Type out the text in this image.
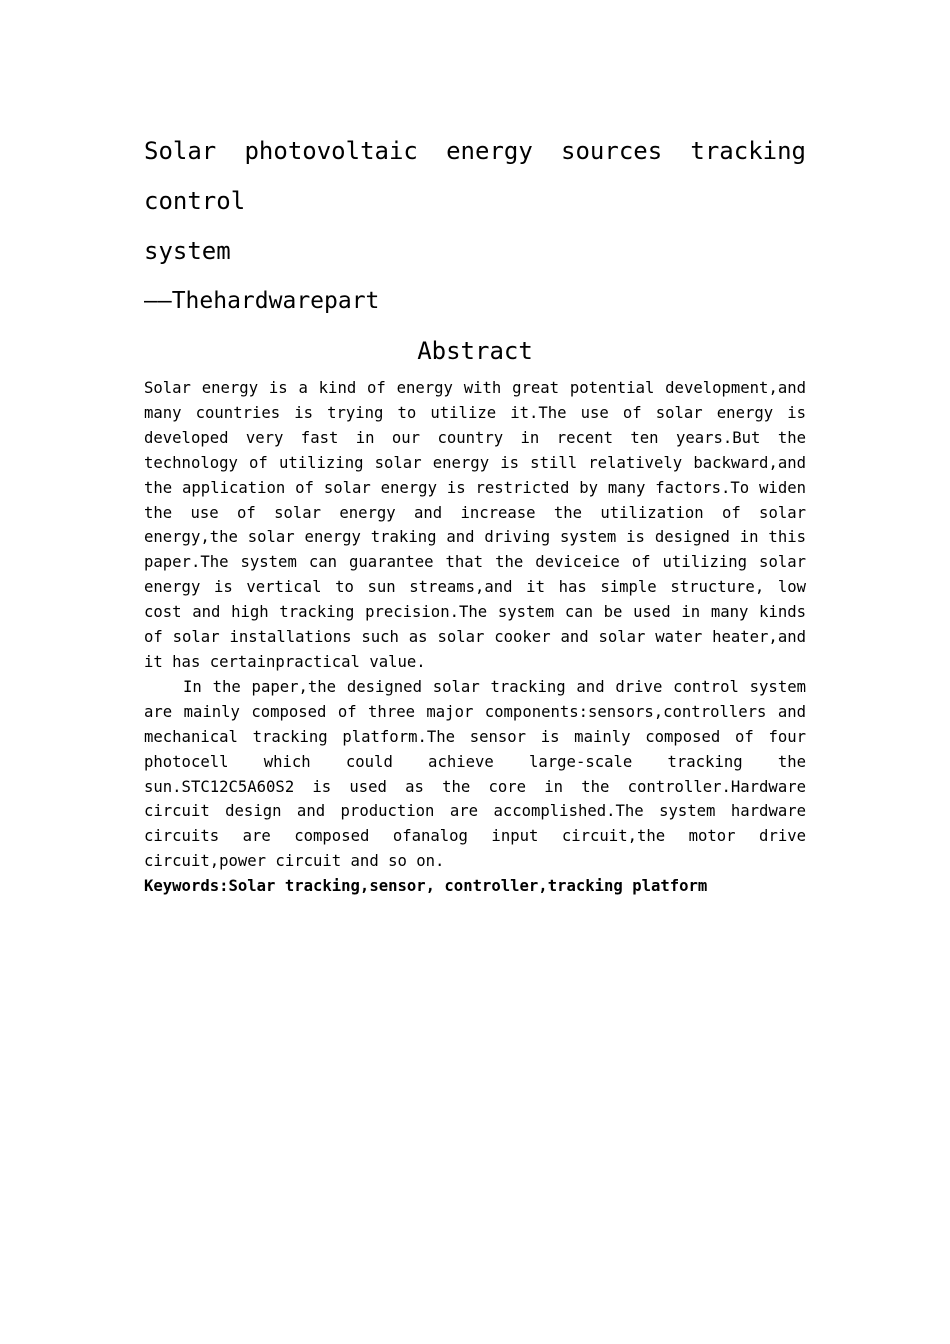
Solar photovoltaic energy sources tracking control

system

——Thehardwarepart

Abstract

Solar energy is a kind of energy with great potential development,and many countries is trying to utilize it.The use of solar energy is developed very fast in our country in recent ten years.But the technology of utilizing solar energy is still relatively backward,and the application of solar energy is restricted by many factors.To widen the use of solar energy and increase the utilization of solar energy,the solar energy traking and driving system is designed in this paper.The system can guarantee that the deviceice of utilizing solar energy is vertical to sun streams,and it has simple structure, low cost and high tracking precision.The system can be used in many kinds of solar installations such as solar cooker and solar water heater,and it has certainpractical value.

In the paper,the designed solar tracking and drive control system are mainly composed of three major components:sensors,controllers and mechanical tracking platform.The sensor is mainly composed of four photocell which could achieve large-scale tracking the sun.STC12C5A60S2 is used as the core in the controller.Hardware circuit design and production are accomplished.The system hardware circuits are composed ofanalog input circuit,the motor drive circuit,power circuit and so on.

Keywords:Solar tracking,sensor, controller,tracking platform
